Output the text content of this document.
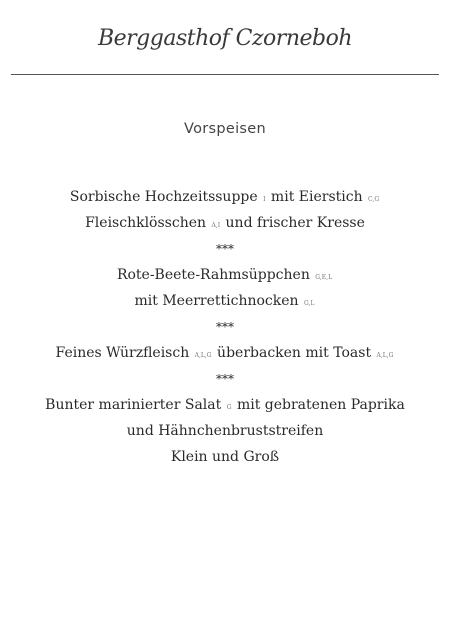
Berggasthof Czorneboh
Vorspeisen
Sorbische Hochzeitssuppe I mit Eierstich C,G
Fleischklösschen A,I und frischer Kresse
***
Rote-Beete-Rahmsüppchen G,E,L
mit Meerrettichnocken G,L
***
Feines Würzfleisch A,L,G überbacken mit Toast A,L,G
***
Bunter marinierter Salat G mit gebratenen Paprika
und Hähnchenbruststreifen
Klein und Groß
